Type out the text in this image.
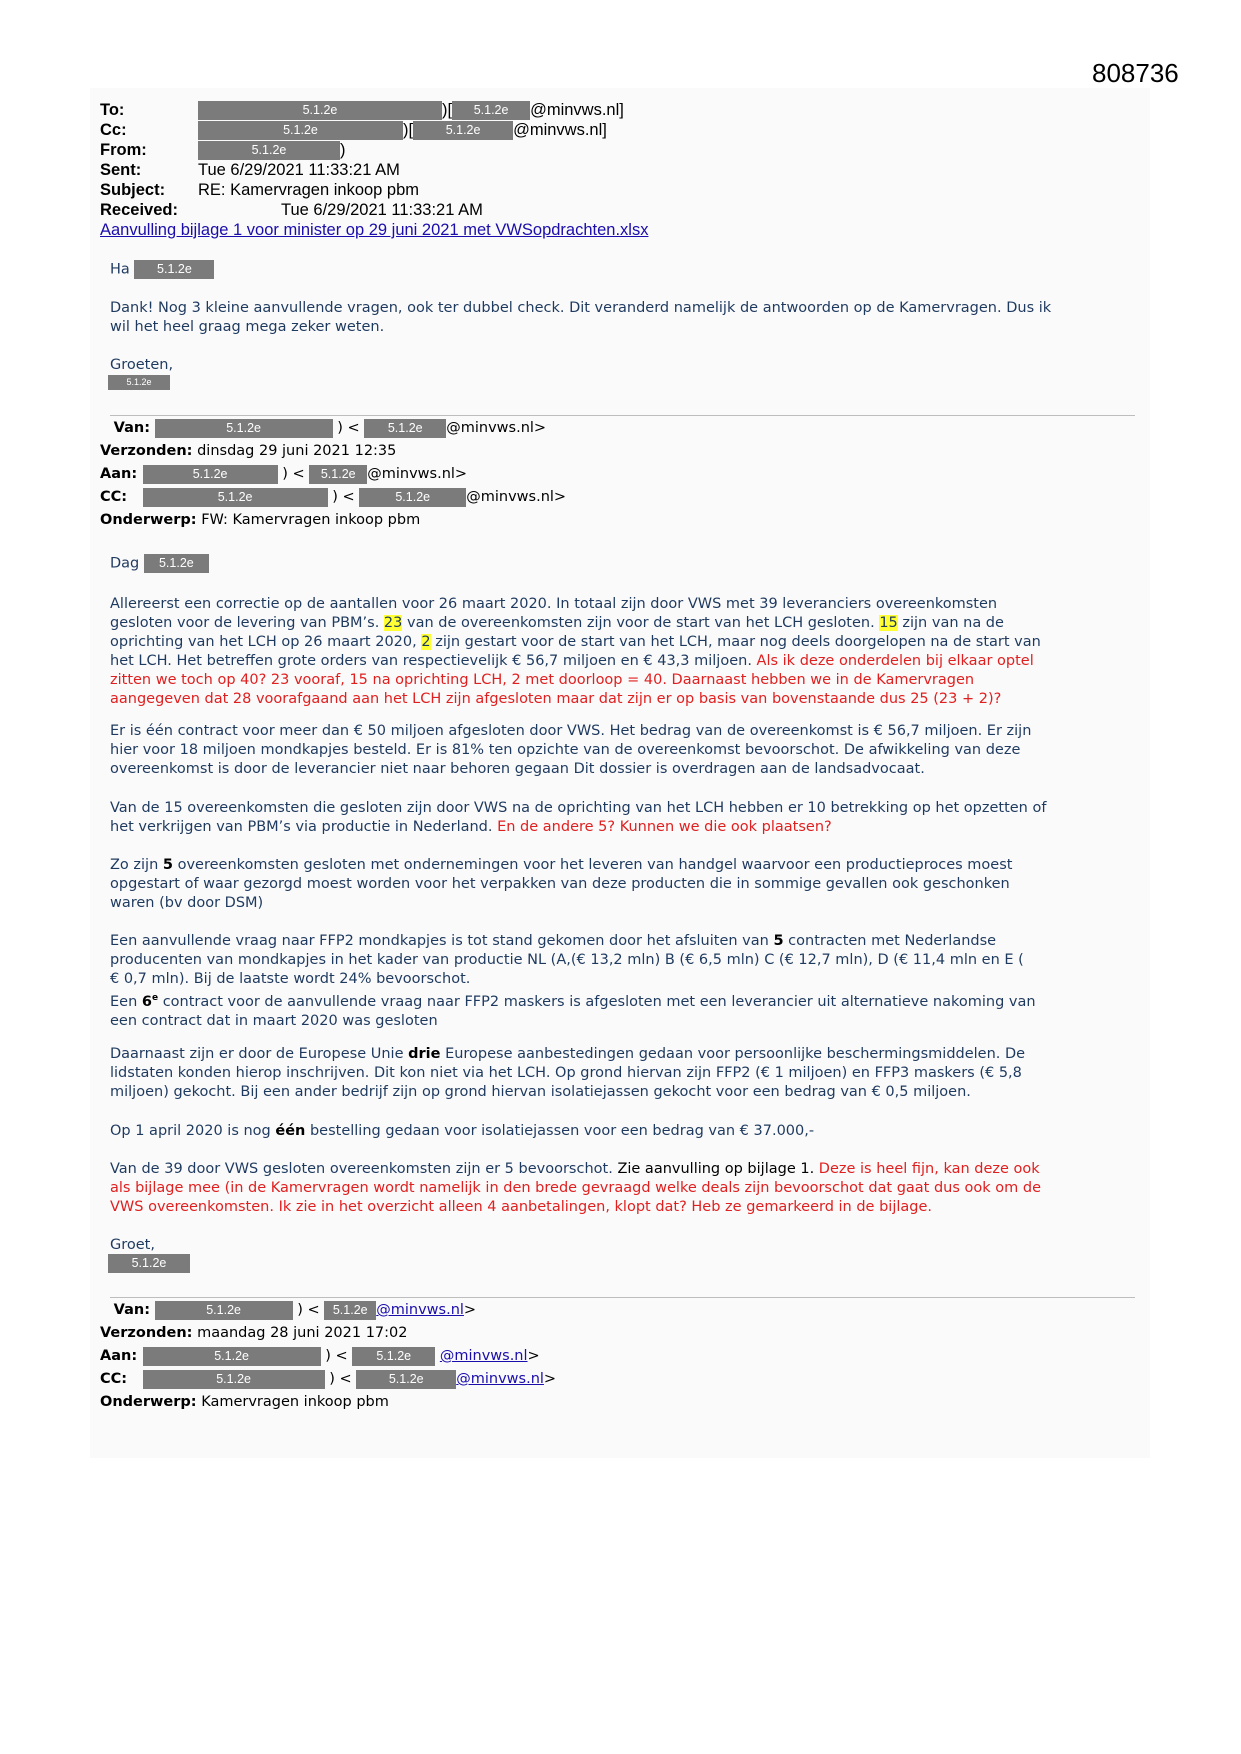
808736
To:	5.1.2e	)[ 5.1.2e @minvws.nl]
Cc:	5.1.2e	)[	5.1.2e @minvws.nl]
From:	5.1.2e	)
Sent:	Tue 6/29/2021 11:33:21 AM
Subject: RE: Kamervragen inkoop pbm
Received:	Tue 6/29/2021 11:33:21 AM
Aanvulling bijlage 1 voor minister op 29 juni 2021 met VWSopdrachten.xlsx
Ha 5.1.2e

Dank! Nog 3 kleine aanvullende vragen, ook ter dubbel check. Dit veranderd namelijk de antwoorden op de Kamervragen. Dus ik

wil het heel graag mega zeker weten.

Groeten,

5.1.2e
Van:	5.1.2e	) < 5.1.2e @minvws.nl>
Verzonden: dinsdag 29 juni 2021 12:35
Aan:	5.1.2e	) < 5.1.2e @minvws.nl>
CC:	5.1.2e	) <	5.1.2e @minvws.nl>
Onderwerp: FW: Kamervragen inkoop pbm
Dag 5.1.2e

Allereerst een correctie op de aantallen voor 26 maart 2020. In totaal zijn door VWS met 39 leveranciers overeenkomsten

gesloten voor de levering van PBM’s. 23 van de overeenkomsten zijn voor de start van het LCH gesloten. 15 zijn van na de

oprichting van het LCH op 26 maart 2020, 2 zijn gestart voor de start van het LCH, maar nog deels doorgelopen na de start van

het LCH. Het betreffen grote orders van respectievelijk € 56,7 miljoen en € 43,3 miljoen. Als ik deze onderdelen bij elkaar optel

zitten we toch op 40? 23 vooraf, 15 na oprichting LCH, 2 met doorloop = 40. Daarnaast hebben we in de Kamervragen

aangegeven dat 28 voorafgaand aan het LCH zijn afgesloten maar dat zijn er op basis van bovenstaande dus 25 (23 + 2)?

Er is één contract voor meer dan € 50 miljoen afgesloten door VWS. Het bedrag van de overeenkomst is € 56,7 miljoen. Er zijn

hier voor 18 miljoen mondkapjes besteld. Er is 81% ten opzichte van de overeenkomst bevoorschot. De afwikkeling van deze

overeenkomst is door de leverancier niet naar behoren gegaan Dit dossier is overdragen aan de landsadvocaat.

Van de 15 overeenkomsten die gesloten zijn door VWS na de oprichting van het LCH hebben er 10 betrekking op het opzetten of

het verkrijgen van PBM’s via productie in Nederland. En de andere 5? Kunnen we die ook plaatsen?

Zo zijn 5 overeenkomsten gesloten met ondernemingen voor het leveren van handgel waarvoor een productieproces moest

opgestart of waar gezorgd moest worden voor het verpakken van deze producten die in sommige gevallen ook geschonken

waren (bv door DSM)

Een aanvullende vraag naar FFP2 mondkapjes is tot stand gekomen door het afsluiten van 5 contracten met Nederlandse

producenten van mondkapjes in het kader van productie NL (A,(€ 13,2 mln) B (€ 6,5 mln) C (€ 12,7 mln), D (€ 11,4 mln en E (

€ 0,7 mln). Bij de laatste wordt 24% bevoorschot.

Een 6e contract voor de aanvullende vraag naar FFP2 maskers is afgesloten met een leverancier uit alternatieve nakoming van

een contract dat in maart 2020 was gesloten

Daarnaast zijn er door de Europese Unie drie Europese aanbestedingen gedaan voor persoonlijke beschermingsmiddelen. De

lidstaten konden hierop inschrijven. Dit kon niet via het LCH. Op grond hiervan zijn FFP2 (€ 1 miljoen) en FFP3 maskers (€ 5,8

miljoen) gekocht. Bij een ander bedrijf zijn op grond hiervan isolatiejassen gekocht voor een bedrag van € 0,5 miljoen.

Op 1 april 2020 is nog één bestelling gedaan voor isolatiejassen voor een bedrag van € 37.000,-

Van de 39 door VWS gesloten overeenkomsten zijn er 5 bevoorschot. Zie aanvulling op bijlage 1. Deze is heel fijn, kan deze ook

als bijlage mee (in de Kamervragen wordt namelijk in den brede gevraagd welke deals zijn bevoorschot dat gaat dus ook om de

VWS overeenkomsten. Ik zie in het overzicht alleen 4 aanbetalingen, klopt dat? Heb ze gemarkeerd in de bijlage.

Groet,

5.1.2e
Van:	5.1.2e	) < 5.1.2e @minvws.nl>
Verzonden: maandag 28 juni 2021 17:02
Aan:	5.1.2e	) < 5.1.2e @minvws.nl>
CC:	5.1.2e	) <	5.1.2e @minvws.nl>
Onderwerp: Kamervragen inkoop pbm
